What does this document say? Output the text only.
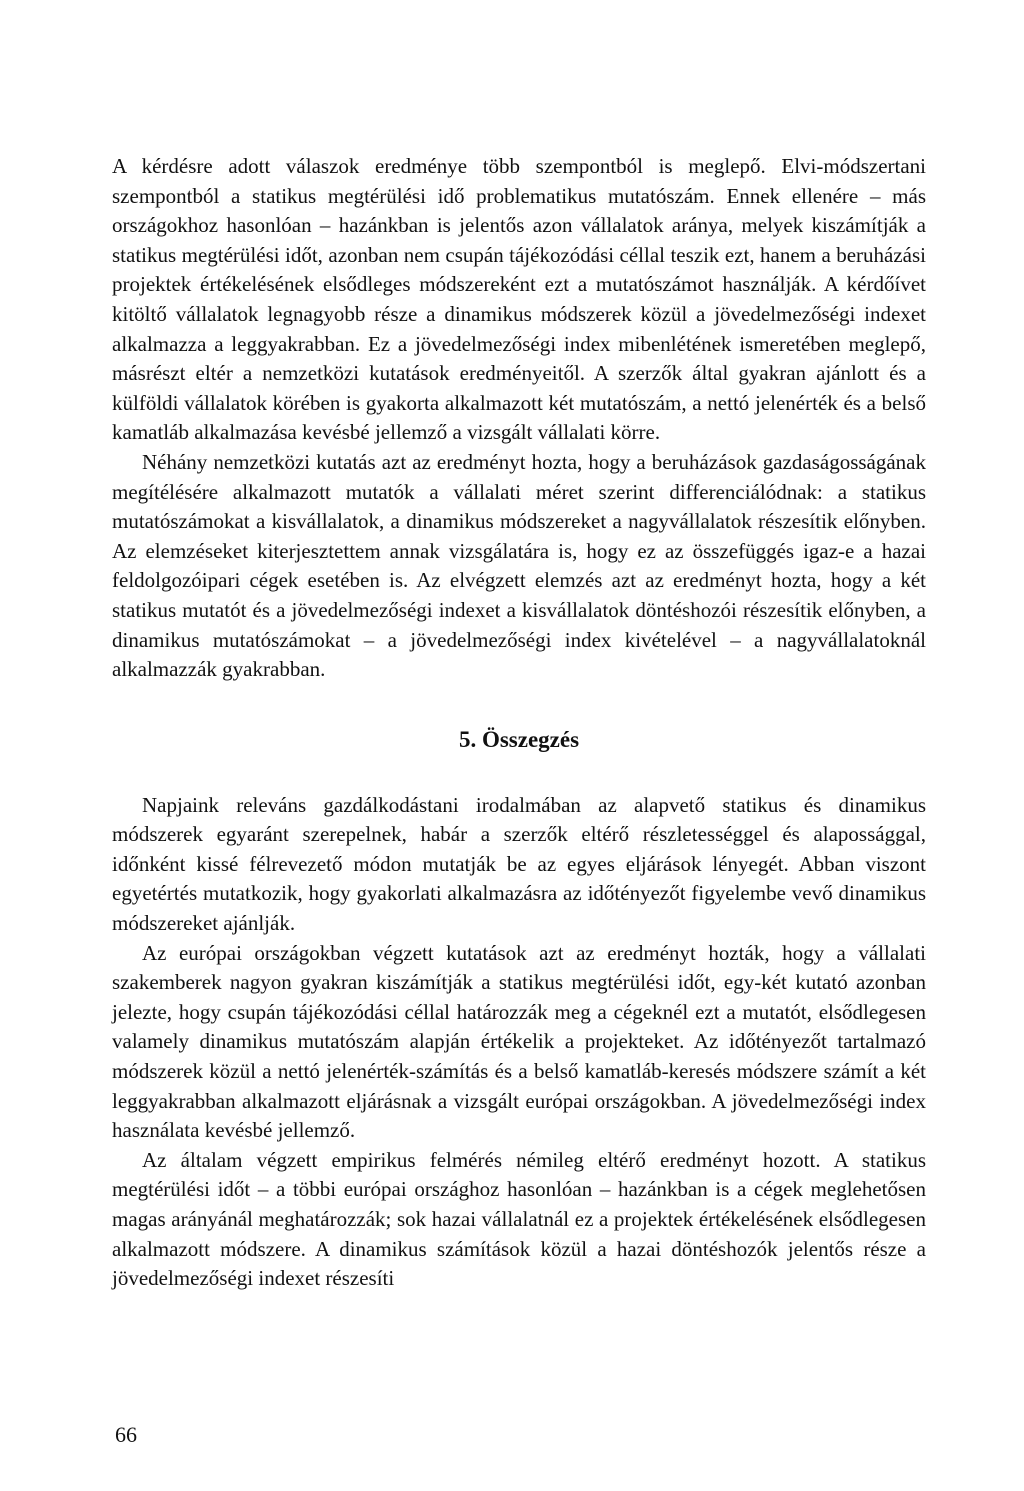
A kérdésre adott válaszok eredménye több szempontból is meglepő. Elvi-módszertani szempontból a statikus megtérülési idő problematikus mutatószám. Ennek ellenére – más országokhoz hasonlóan – hazánkban is jelentős azon vállalatok aránya, melyek kiszámítják a statikus megtérülési időt, azonban nem csupán tájékozódási céllal teszik ezt, hanem a beruházási projektek értékelésének elsődleges módszereként ezt a mutatószámot használják. A kérdőívet kitöltő vállalatok legnagyobb része a dinamikus módszerek közül a jövedelmezőségi indexet alkalmazza a leggyakrabban. Ez a jövedelmezőségi index mibenlétének ismeretében meglepő, másrészt eltér a nemzetközi kutatások eredményeitől. A szerzők által gyakran ajánlott és a külföldi vállalatok körében is gyakorta alkalmazott két mutatószám, a nettó jelenérték és a belső kamatláb alkalmazása kevésbé jellemző a vizsgált vállalati körre.

Néhány nemzetközi kutatás azt az eredményt hozta, hogy a beruházások gazdaságosságának megítélésére alkalmazott mutatók a vállalati méret szerint differenciálódnak: a statikus mutatószámokat a kisvállalatok, a dinamikus módszereket a nagyvállalatok részesítik előnyben. Az elemzéseket kiterjesztettem annak vizsgálatára is, hogy ez az összefüggés igaz-e a hazai feldolgozóipari cégek esetében is. Az elvégzett elemzés azt az eredményt hozta, hogy a két statikus mutatót és a jövedelmezőségi indexet a kisvállalatok döntéshozói részesítik előnyben, a dinamikus mutatószámokat – a jövedelmezőségi index kivételével – a nagyvállalatoknál alkalmazzák gyakrabban.

5. Összegzés

Napjaink releváns gazdálkodástani irodalmában az alapvető statikus és dinamikus módszerek egyaránt szerepelnek, habár a szerzők eltérő részletességgel és alapossággal, időnként kissé félrevezető módon mutatják be az egyes eljárások lényegét. Abban viszont egyetértés mutatkozik, hogy gyakorlati alkalmazásra az időtényezőt figyelembe vevő dinamikus módszereket ajánlják.

Az európai országokban végzett kutatások azt az eredményt hozták, hogy a vállalati szakemberek nagyon gyakran kiszámítják a statikus megtérülési időt, egy-két kutató azonban jelezte, hogy csupán tájékozódási céllal határozzák meg a cégeknél ezt a mutatót, elsődlegesen valamely dinamikus mutatószám alapján értékelik a projekteket. Az időtényezőt tartalmazó módszerek közül a nettó jelenérték-számítás és a belső kamatláb-keresés módszere számít a két leggyakrabban alkalmazott eljárásnak a vizsgált európai országokban. A jövedelmezőségi index használata kevésbé jellemző.

Az általam végzett empirikus felmérés némileg eltérő eredményt hozott. A statikus megtérülési időt – a többi európai országhoz hasonlóan – hazánkban is a cégek meglehetősen magas arányánál meghatározzák; sok hazai vállalatnál ez a projektek értékelésének elsődlegesen alkalmazott módszere. A dinamikus számítások közül a hazai döntéshozók jelentős része a jövedelmezőségi indexet részesíti

66
